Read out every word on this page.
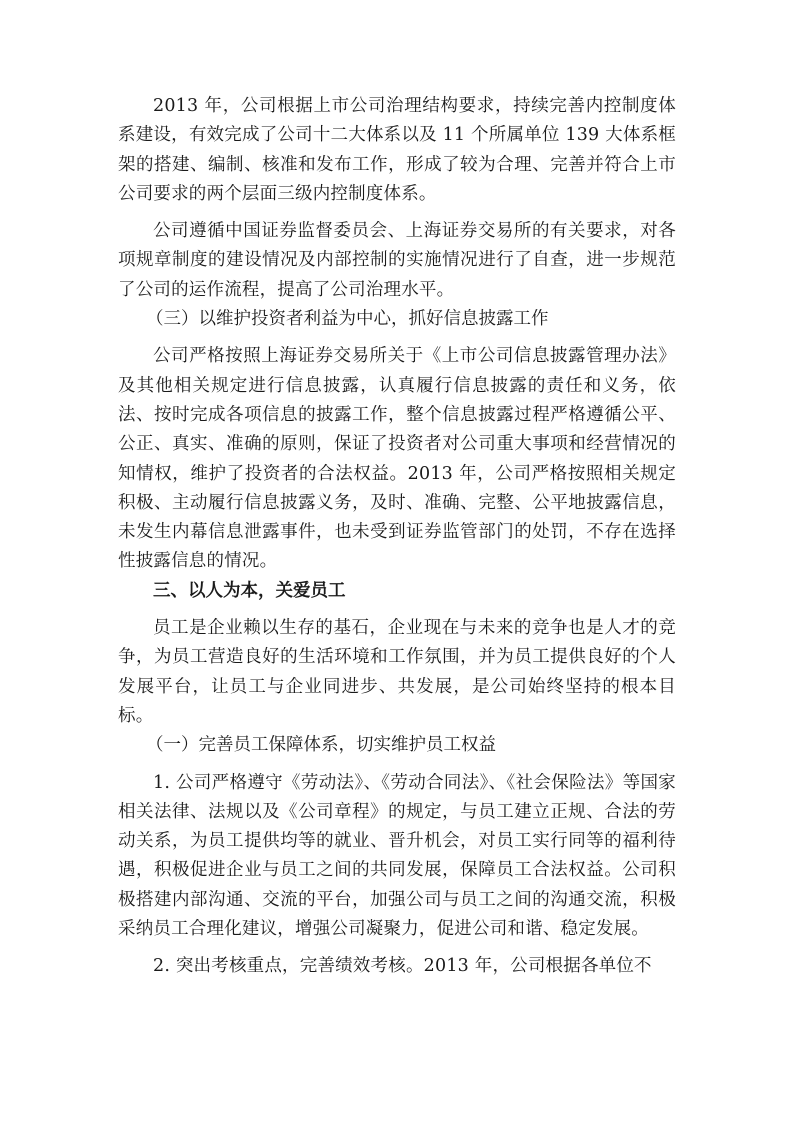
2013 年，公司根据上市公司治理结构要求，持续完善内控制度体系建设，有效完成了公司十二大体系以及 11 个所属单位 139 大体系框架的搭建、编制、核准和发布工作，形成了较为合理、完善并符合上市公司要求的两个层面三级内控制度体系。

公司遵循中国证券监督委员会、上海证券交易所的有关要求，对各项规章制度的建设情况及内部控制的实施情况进行了自查，进一步规范了公司的运作流程，提高了公司治理水平。

（三）以维护投资者利益为中心，抓好信息披露工作

公司严格按照上海证券交易所关于《上市公司信息披露管理办法》及其他相关规定进行信息披露，认真履行信息披露的责任和义务，依法、按时完成各项信息的披露工作，整个信息披露过程严格遵循公平、公正、真实、准确的原则，保证了投资者对公司重大事项和经营情况的知情权，维护了投资者的合法权益。2013 年，公司严格按照相关规定积极、主动履行信息披露义务，及时、准确、完整、公平地披露信息，未发生内幕信息泄露事件，也未受到证券监管部门的处罚，不存在选择性披露信息的情况。

三、以人为本，关爱员工

员工是企业赖以生存的基石，企业现在与未来的竞争也是人才的竞争，为员工营造良好的生活环境和工作氛围，并为员工提供良好的个人发展平台，让员工与企业同进步、共发展，是公司始终坚持的根本目标。

（一）完善员工保障体系，切实维护员工权益

1. 公司严格遵守《劳动法》、《劳动合同法》、《社会保险法》等国家相关法律、法规以及《公司章程》的规定，与员工建立正规、合法的劳动关系，为员工提供均等的就业、晋升机会，对员工实行同等的福利待遇，积极促进企业与员工之间的共同发展，保障员工合法权益。公司积极搭建内部沟通、交流的平台，加强公司与员工之间的沟通交流，积极采纳员工合理化建议，增强公司凝聚力，促进公司和谐、稳定发展。

2. 突出考核重点，完善绩效考核。2013 年，公司根据各单位不
